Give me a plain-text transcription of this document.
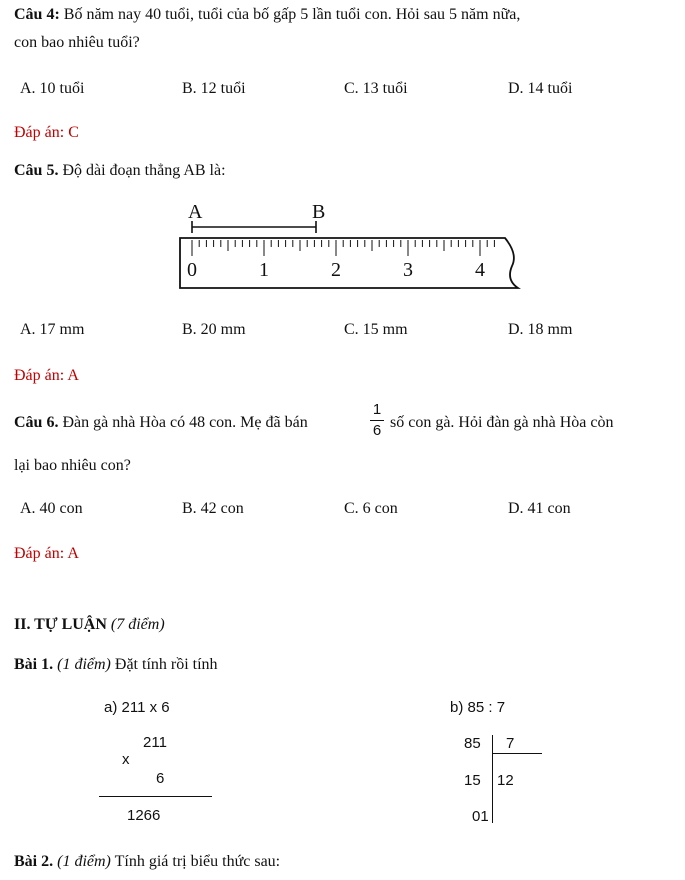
Câu 4: Bố năm nay 40 tuổi, tuổi của bố gấp 5 lần tuổi con. Hỏi sau 5 năm nữa,
con bao nhiêu tuổi?
A. 10 tuổi	B. 12 tuổi	C. 13 tuổi	D. 14 tuổi
Đáp án: C
Câu 5. Độ dài đoạn thẳng AB là:
A	B
0	1	2	3	4
A. 17 mm	B. 20 mm	C. 15 mm	D. 18 mm
Đáp án: A
Câu 6. Đàn gà nhà Hòa có 48 con. Mẹ đã bán
1
6 số con gà. Hỏi đàn gà nhà Hòa còn
lại bao nhiêu con?
A. 40 con	B. 42 con	C. 6 con	D. 41 con
Đáp án: A
II. TỰ LUẬN (7 điểm)
Bài 1. (1 điểm) Đặt tính rồi tính
a) 211 x 6	b) 85 : 7
211
x
6
1266
85 7
15 12
01
Bài 2. (1 điểm) Tính giá trị biểu thức sau:
